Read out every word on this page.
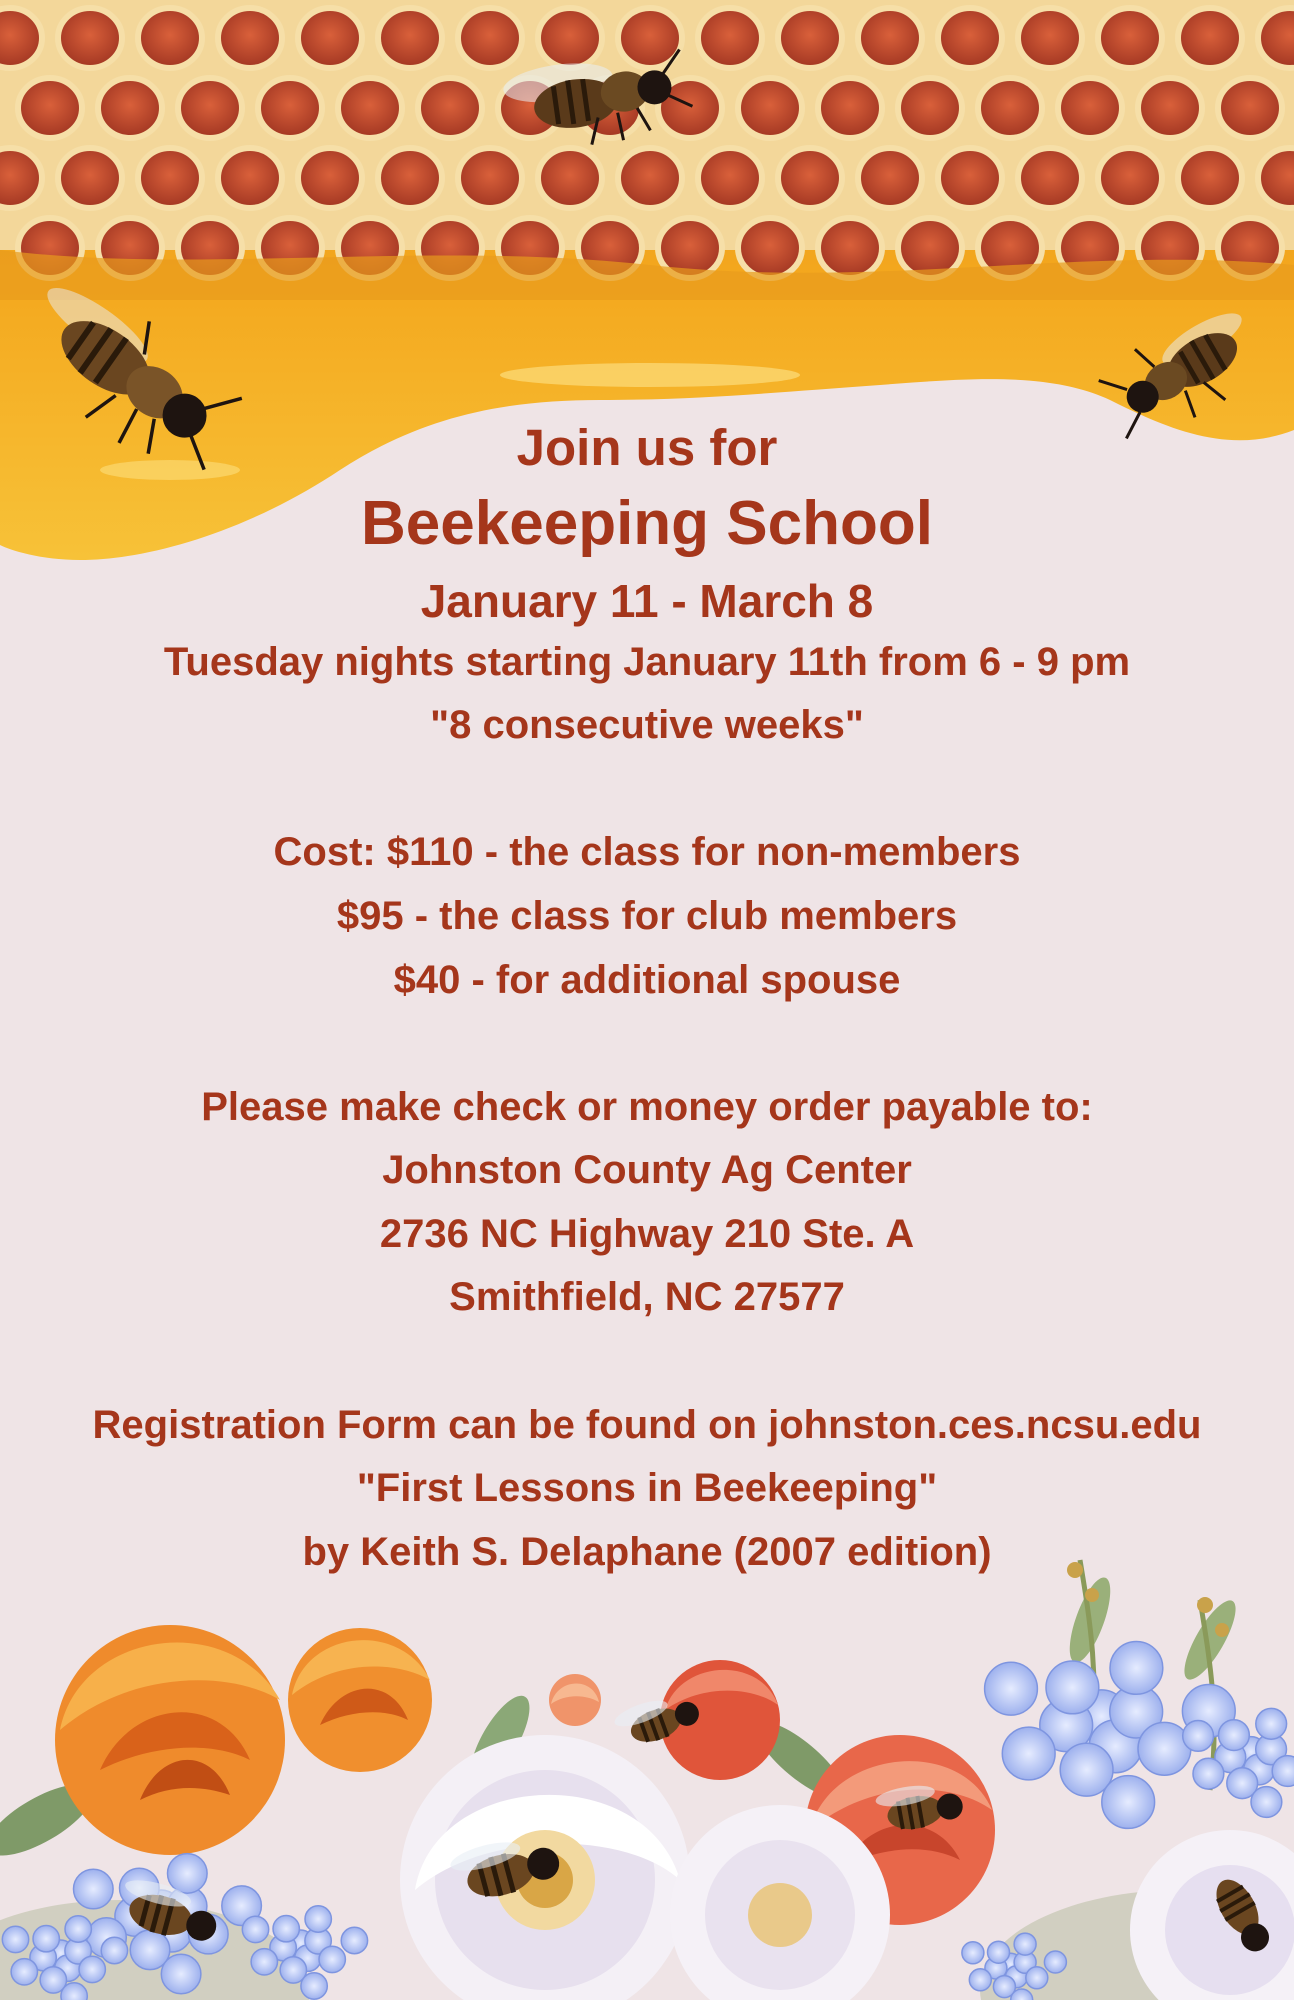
Join us for
Beekeeping School
January 11 - March 8
Tuesday nights starting January 11th from 6 - 9 pm
"8 consecutive weeks"
Cost: $110 - the class for non-members
$95 - the class for club members
$40 - for additional spouse
Please make check or money order payable to:
Johnston County Ag Center
2736 NC Highway 210 Ste. A
Smithfield, NC 27577
Registration Form can be found on johnston.ces.ncsu.edu
"First Lessons in Beekeeping"
by Keith S. Delaphane (2007 edition)
